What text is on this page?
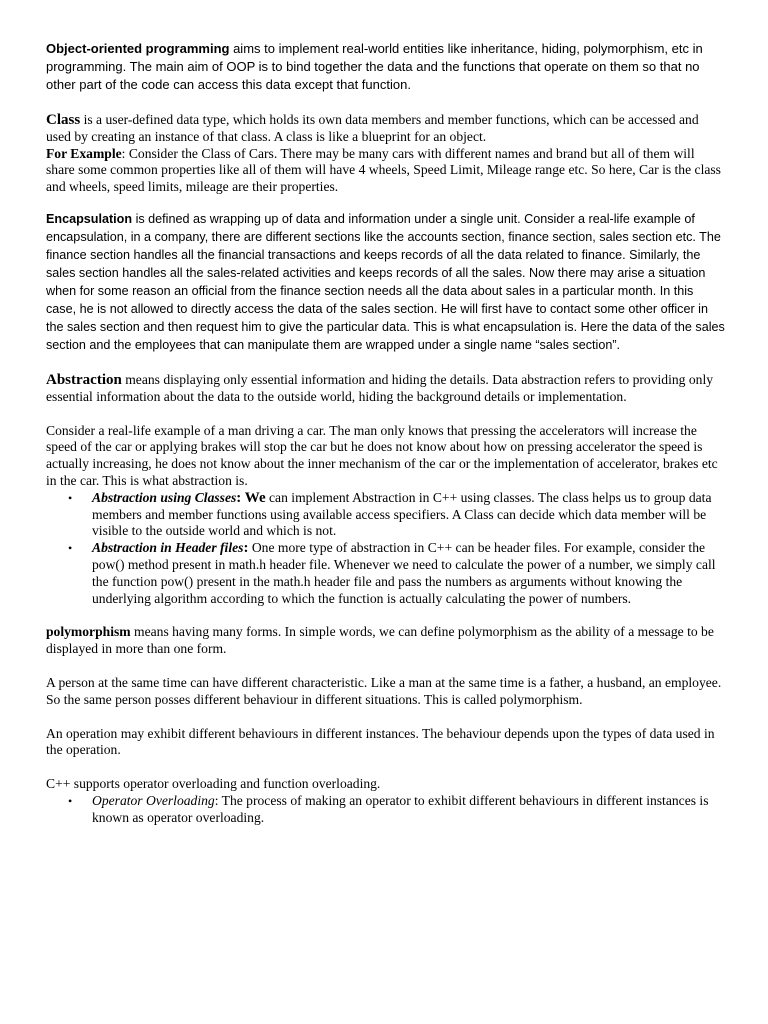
Object-oriented programming aims to implement real-world entities like inheritance, hiding, polymorphism, etc in programming. The main aim of OOP is to bind together the data and the functions that operate on them so that no other part of the code can access this data except that function.

Class is a user-defined data type, which holds its own data members and member functions, which can be accessed and used by creating an instance of that class. A class is like a blueprint for an object.
For Example: Consider the Class of Cars. There may be many cars with different names and brand but all of them will share some common properties like all of them will have 4 wheels, Speed Limit, Mileage range etc. So here, Car is the class and wheels, speed limits, mileage are their properties.

Encapsulation is defined as wrapping up of data and information under a single unit. Consider a real-life example of encapsulation, in a company, there are different sections like the accounts section, finance section, sales section etc. The finance section handles all the financial transactions and keeps records of all the data related to finance. Similarly, the sales section handles all the sales-related activities and keeps records of all the sales. Now there may arise a situation when for some reason an official from the finance section needs all the data about sales in a particular month. In this case, he is not allowed to directly access the data of the sales section. He will first have to contact some other officer in the sales section and then request him to give the particular data. This is what encapsulation is. Here the data of the sales section and the employees that can manipulate them are wrapped under a single name “sales section”.

Abstraction means displaying only essential information and hiding the details. Data abstraction refers to providing only essential information about the data to the outside world, hiding the background details or implementation.

Consider a real-life example of a man driving a car. The man only knows that pressing the accelerators will increase the speed of the car or applying brakes will stop the car but he does not know about how on pressing accelerator the speed is actually increasing, he does not know about the inner mechanism of the car or the implementation of accelerator, brakes etc in the car. This is what abstraction is.

• Abstraction using Classes: We can implement Abstraction in C++ using classes. The class helps us to group data members and member functions using available access specifiers. A Class can decide which data member will be visible to the outside world and which is not.
• Abstraction in Header files: One more type of abstraction in C++ can be header files. For example, consider the pow() method present in math.h header file. Whenever we need to calculate the power of a number, we simply call the function pow() present in the math.h header file and pass the numbers as arguments without knowing the underlying algorithm according to which the function is actually calculating the power of numbers.

polymorphism means having many forms. In simple words, we can define polymorphism as the ability of a message to be displayed in more than one form.

A person at the same time can have different characteristic. Like a man at the same time is a father, a husband, an employee. So the same person posses different behaviour in different situations. This is called polymorphism.

An operation may exhibit different behaviours in different instances. The behaviour depends upon the types of data used in the operation.

C++ supports operator overloading and function overloading.

• Operator Overloading: The process of making an operator to exhibit different behaviours in different instances is known as operator overloading.
